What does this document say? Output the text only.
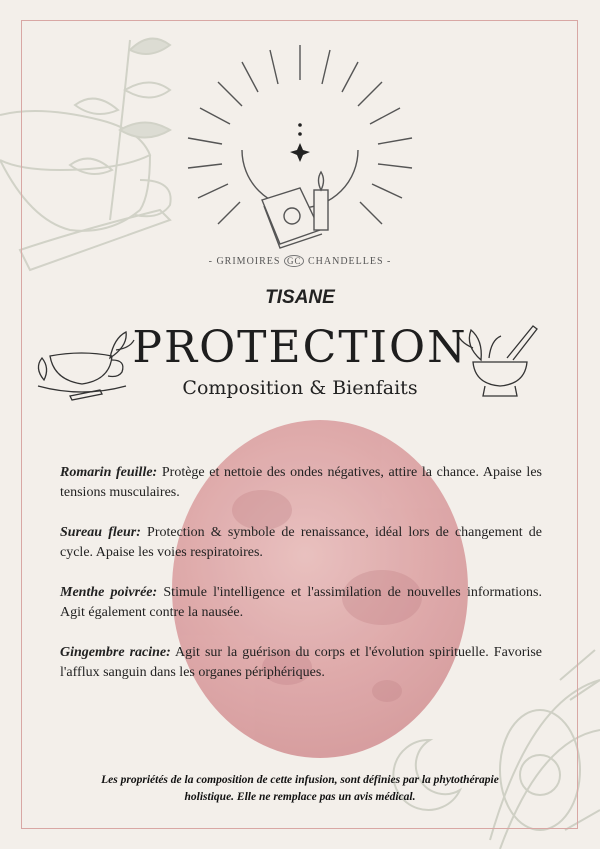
- GRIMOIRES GC CHANDELLES -
TISANE
PROTECTION
Composition & Bienfaits
Romarin feuille: Protège et nettoie des ondes négatives, attire la chance. Apaise les tensions musculaires.
Sureau fleur: Protection & symbole de renaissance, idéal lors de changement de cycle. Apaise les voies respiratoires.
Menthe poivrée: Stimule l'intelligence et l'assimilation de nouvelles informations. Agit également contre la nausée.
Gingembre racine: Agit sur la guérison du corps et l'évolution spirituelle. Favorise l'afflux sanguin dans les organes périphériques.
Les propriétés de la composition de cette infusion, sont définies par la phytothérapie holistique. Elle ne remplace pas un avis médical.
